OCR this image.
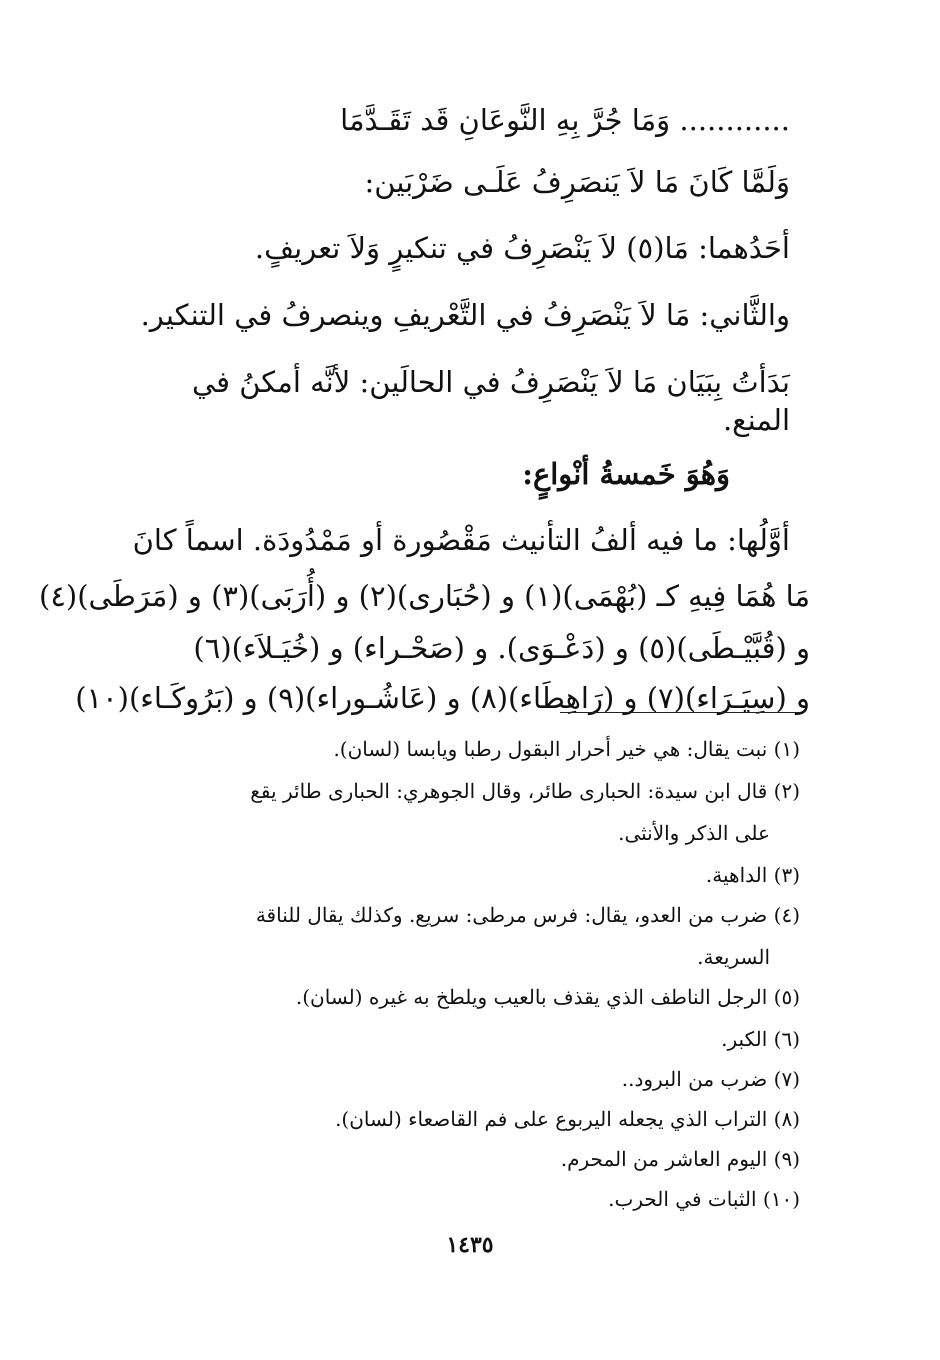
............ وَمَا جُرَّ بِهِ النَّوعَانِ قَد تَقَـدَّمَا
وَلَمَّا كَانَ مَا لاَ يَنصَرِفُ عَلَـى ضَرْبَين:
أحَدُهما: مَا(٥) لاَ يَنْصَرِفُ في تنكيرٍ وَلاَ تعريفٍ.
والثَّاني: مَا لاَ يَنْصَرِفُ في التَّعْريفِ وينصرفُ في التنكير.
بَدَأتُ بِبَيَان مَا لاَ يَنْصَرِفُ في الحالَين: لأنَّه أمكنُ في
المنع.
وَهُوَ خَمسةُ أنْواعٍ:
أوَّلُها: ما فيه ألفُ التأنيث مَقْصُورة أو مَمْدُودَة. اسماً كانَ
مَا هُمَا فِيهِ كـ (بُهْمَى)(١) و (حُبَارى)(٢) و (أُرَبَى)(٣) و (مَرَطَى)(٤)
و (قُبَّيْـطَى)(٥) و (دَعْـوَى). و (صَحْـراء) و (خُيَـلاَء)(٦)
و (سِيَـرَاء)(٧) و (رَاهِطَاء)(٨) و (عَاشُـوراء)(٩) و (بَرُوكَـاء)(١٠)
(١) نبت يقال: هي خير أحرار البقول رطبا ويابسا (لسان).
(٢) قال ابن سيدة: الحبارى طائر، وقال الجوهري: الحبارى طائر يقع
على الذكر والأنثى.
(٣) الداهية.
(٤) ضرب من العدو، يقال: فرس مرطى: سريع. وكذلك يقال للناقة
السريعة.
(٥) الرجل الناطف الذي يقذف بالعيب ويلطخ به غيره (لسان).
(٦) الكبر.
(٧) ضرب من البرود..
(٨) التراب الذي يجعله اليربوع على فم القاصعاء (لسان).
(٩) اليوم العاشر من المحرم.
(١٠) الثبات في الحرب.
١٤٣٥
